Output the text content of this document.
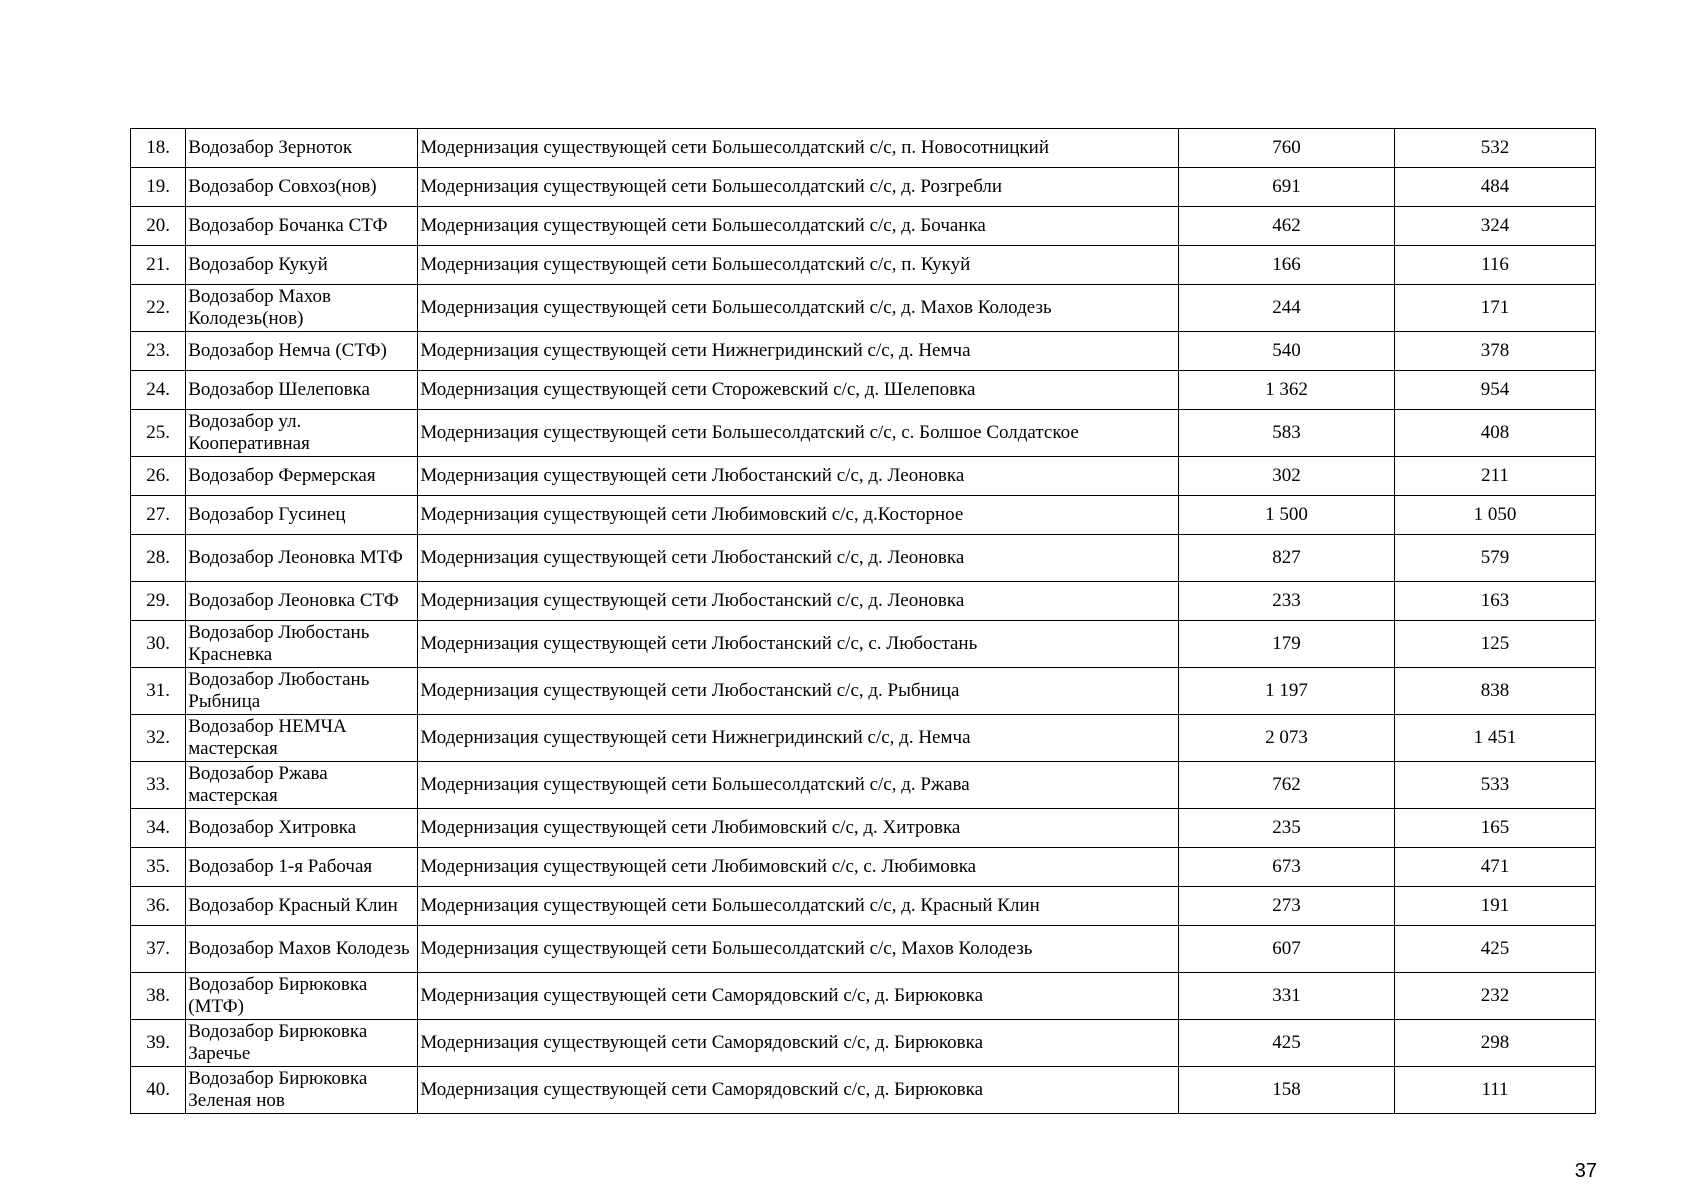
18.	Водозабор Зерноток	Модернизация существующей сети Большесолдатский с/с, п. Новосотницкий	760	532
19.	Водозабор Совхоз(нов)	Модернизация существующей сети Большесолдатский с/с, д. Розгребли	691	484
20.	Водозабор Бочанка СТФ	Модернизация существующей сети Большесолдатский с/с, д. Бочанка	462	324
21.	Водозабор Кукуй	Модернизация существующей сети Большесолдатский с/с, п. Кукуй	166	116
22.	Водозабор Махов Колодезь(нов)	Модернизация существующей сети Большесолдатский с/с, д. Махов Колодезь	244	171
23.	Водозабор Немча (СТФ)	Модернизация существующей сети Нижнегридинский с/с, д. Немча	540	378
24.	Водозабор Шелеповка	Модернизация существующей сети Сторожевский с/с, д. Шелеповка	1 362	954
25.	Водозабор ул. Кооперативная	Модернизация существующей сети Большесолдатский с/с, с. Болшое Солдатское	583	408
26.	Водозабор Фермерская	Модернизация существующей сети Любостанский с/с, д. Леоновка	302	211
27.	Водозабор Гусинец	Модернизация существующей сети Любимовский с/с, д.Косторное	1 500	1 050
28.	Водозабор Леоновка МТФ	Модернизация существующей сети Любостанский с/с, д. Леоновка	827	579
29.	Водозабор Леоновка СТФ	Модернизация существующей сети Любостанский с/с, д. Леоновка	233	163
30.	Водозабор Любостань Красневка	Модернизация существующей сети Любостанский с/с, с. Любостань	179	125
31.	Водозабор Любостань Рыбница	Модернизация существующей сети Любостанский с/с, д. Рыбница	1 197	838
32.	Водозабор НЕМЧА мастерская	Модернизация существующей сети Нижнегридинский с/с, д. Немча	2 073	1 451
33.	Водозабор Ржава мастерская	Модернизация существующей сети Большесолдатский с/с, д. Ржава	762	533
34.	Водозабор Хитровка	Модернизация существующей сети Любимовский с/с, д. Хитровка	235	165
35.	Водозабор 1-я Рабочая	Модернизация существующей сети Любимовский с/с, с. Любимовка	673	471
36.	Водозабор Красный Клин	Модернизация существующей сети Большесолдатский с/с, д. Красный Клин	273	191
37.	Водозабор Махов Колодезь	Модернизация существующей сети Большесолдатский с/с, Махов Колодезь	607	425
38.	Водозабор Бирюковка (МТФ)	Модернизация существующей сети Саморядовский с/с, д. Бирюковка	331	232
39.	Водозабор Бирюковка Заречье	Модернизация существующей сети Саморядовский с/с, д. Бирюковка	425	298
40.	Водозабор Бирюковка Зеленая нов	Модернизация существующей сети Саморядовский с/с, д. Бирюковка	158	111
37
